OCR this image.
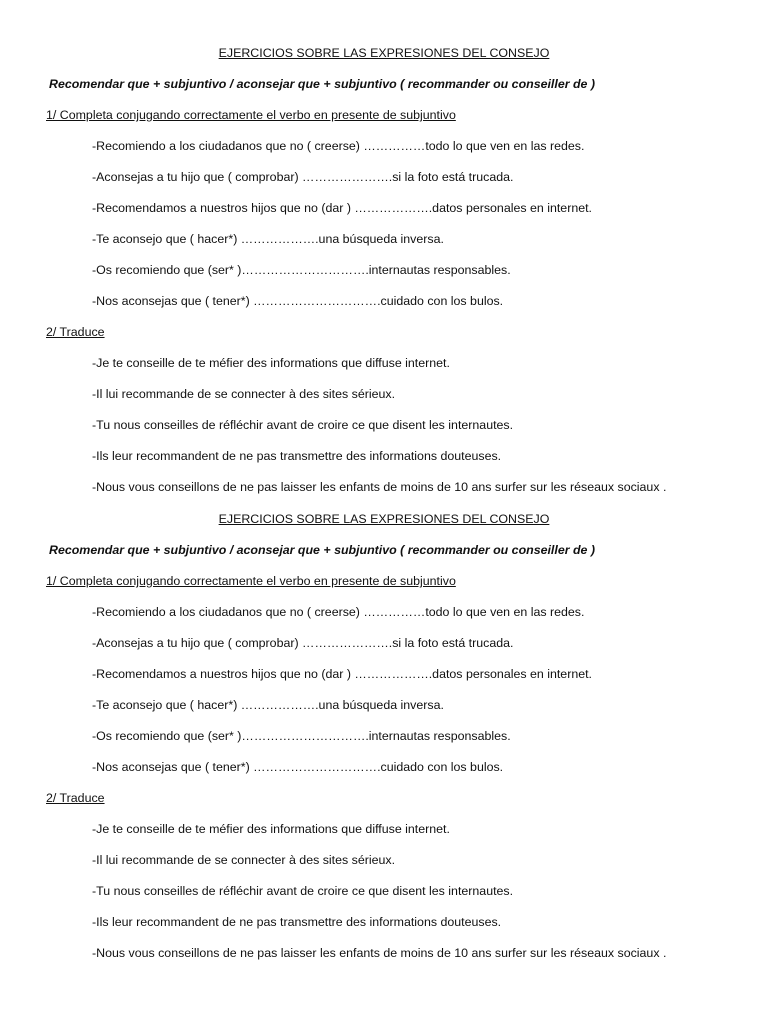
EJERCICIOS SOBRE LAS EXPRESIONES DEL CONSEJO
Recomendar que + subjuntivo / aconsejar que + subjuntivo ( recommander ou conseiller de )
1/ Completa conjugando correctamente el verbo en presente de subjuntivo
-Recomiendo a los ciudadanos que no ( creerse) ……………todo lo que ven en las redes.
-Aconsejas a tu hijo que ( comprobar) ………………….si la foto está trucada.
-Recomendamos a nuestros hijos que no (dar ) ……………….datos personales en internet.
-Te aconsejo que ( hacer*) ……………….una búsqueda inversa.
-Os recomiendo que (ser* )………………………….internautas responsables.
-Nos aconsejas que ( tener*) ………………………….cuidado con los bulos.
2/ Traduce
-Je te conseille de te méfier des informations que diffuse internet.
-Il lui recommande de se connecter à des sites sérieux.
-Tu nous conseilles de réfléchir avant de croire ce que disent les internautes.
-Ils leur recommandent de ne pas transmettre des informations douteuses.
-Nous vous conseillons de ne pas laisser les enfants de moins de 10 ans surfer sur les réseaux sociaux .
EJERCICIOS SOBRE LAS EXPRESIONES DEL CONSEJO
Recomendar que + subjuntivo / aconsejar que + subjuntivo ( recommander ou conseiller de )
1/ Completa conjugando correctamente el verbo en presente de subjuntivo
-Recomiendo a los ciudadanos que no ( creerse) ……………todo lo que ven en las redes.
-Aconsejas a tu hijo que ( comprobar) ………………….si la foto está trucada.
-Recomendamos a nuestros hijos que no (dar ) ……………….datos personales en internet.
-Te aconsejo que ( hacer*) ……………….una búsqueda inversa.
-Os recomiendo que (ser* )………………………….internautas responsables.
-Nos aconsejas que ( tener*) ………………………….cuidado con los bulos.
2/ Traduce
-Je te conseille de te méfier des informations que diffuse internet.
-Il lui recommande de se connecter à des sites sérieux.
-Tu nous conseilles de réfléchir avant de croire ce que disent les internautes.
-Ils leur recommandent de ne pas transmettre des informations douteuses.
-Nous vous conseillons de ne pas laisser les enfants de moins de 10 ans surfer sur les réseaux sociaux .
